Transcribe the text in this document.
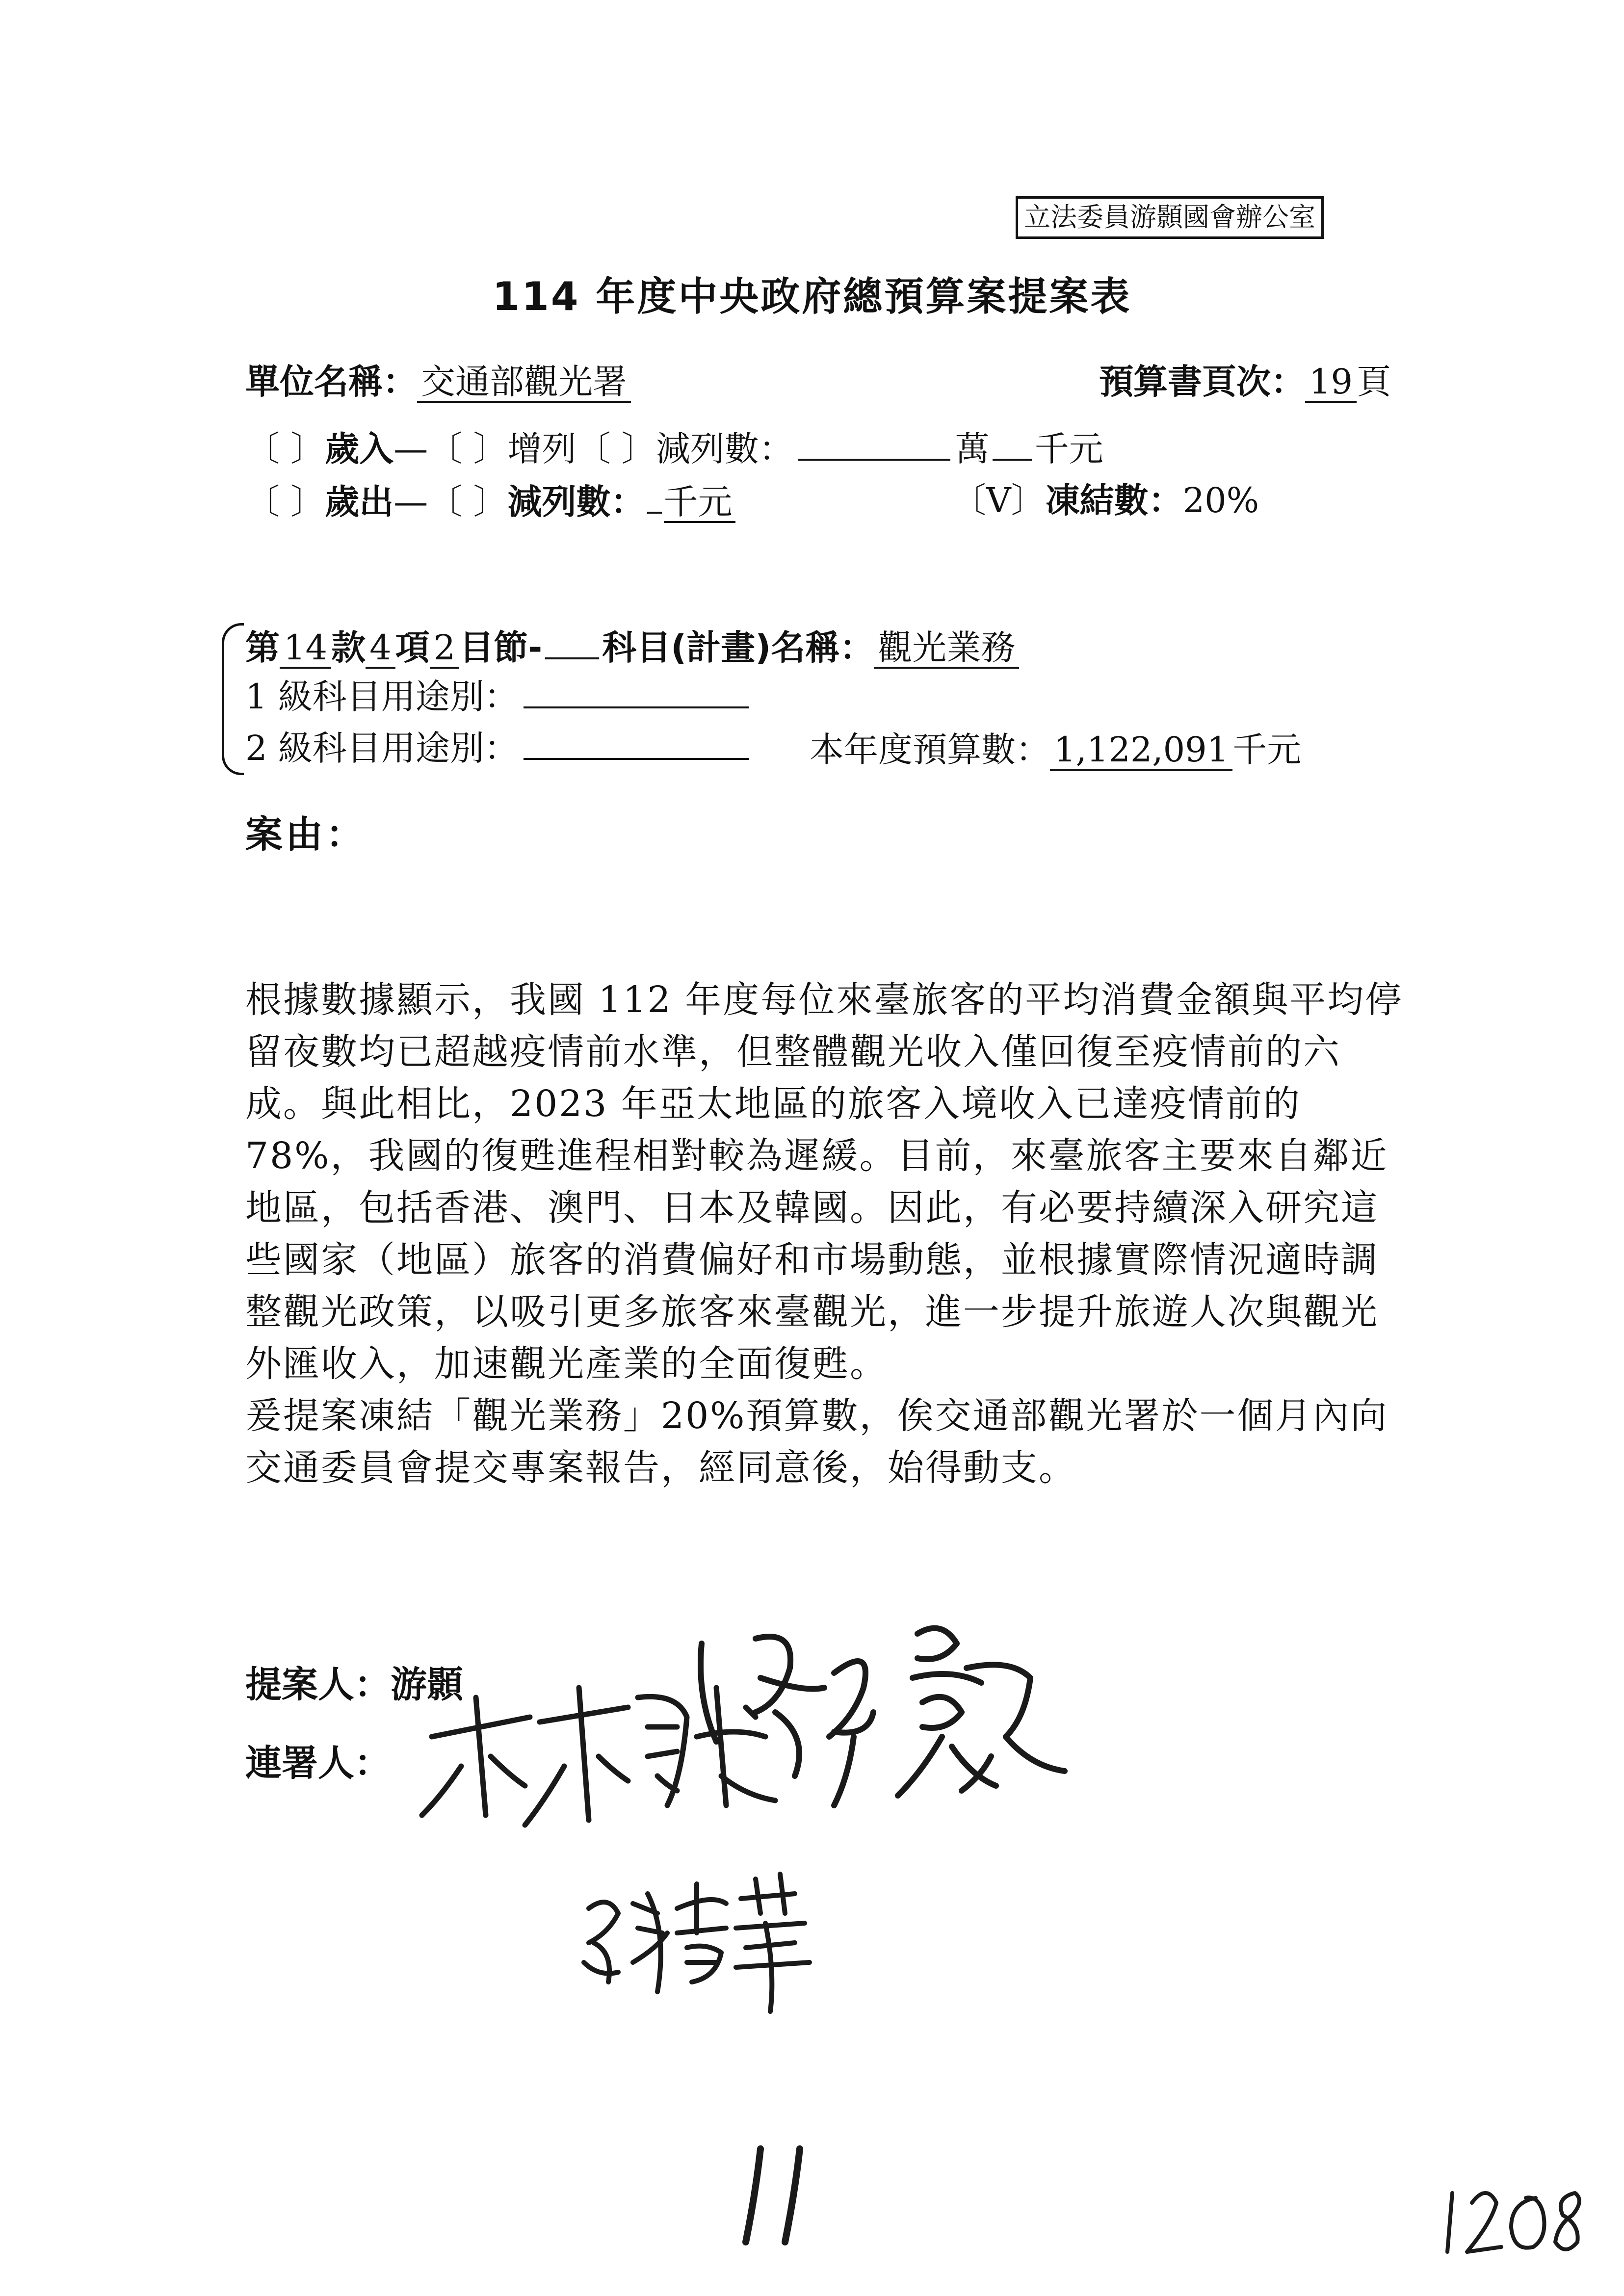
立法委員游顥國會辦公室
114 年度中央政府總預算案提案表
單位名稱： 交通部觀光署	預算書頁次： 19 頁
〔 〕歲入—〔 〕增列〔 〕減列數：	萬 千元
〔 〕歲出—〔 〕減列數： 千元	〔V〕凍結數：20%
第 14 款 4 項 2 目節- 科目(計畫)名稱： 觀光業務
1 級科目用途別：
2 級科目用途別：	本年度預算數： 1,122,091 千元
案由：

根據數據顯示，我國 112 年度每位來臺旅客的平均消費金額與平均停留夜數均已超越疫情前水準，但整體觀光收入僅回復至疫情前的六成。與此相比，2023 年亞太地區的旅客入境收入已達疫情前的 78%，我國的復甦進程相對較為遲緩。目前，來臺旅客主要來自鄰近地區，包括香港、澳門、日本及韓國。因此，有必要持續深入研究這些國家（地區）旅客的消費偏好和市場動態，並根據實際情況適時調整觀光政策，以吸引更多旅客來臺觀光，進一步提升旅遊人次與觀光外匯收入，加速觀光產業的全面復甦。

爰提案凍結「觀光業務」20%預算數，俟交通部觀光署於一個月內向交通委員會提交專案報告，經同意後，始得動支。

提案人：游顥
連署人：
